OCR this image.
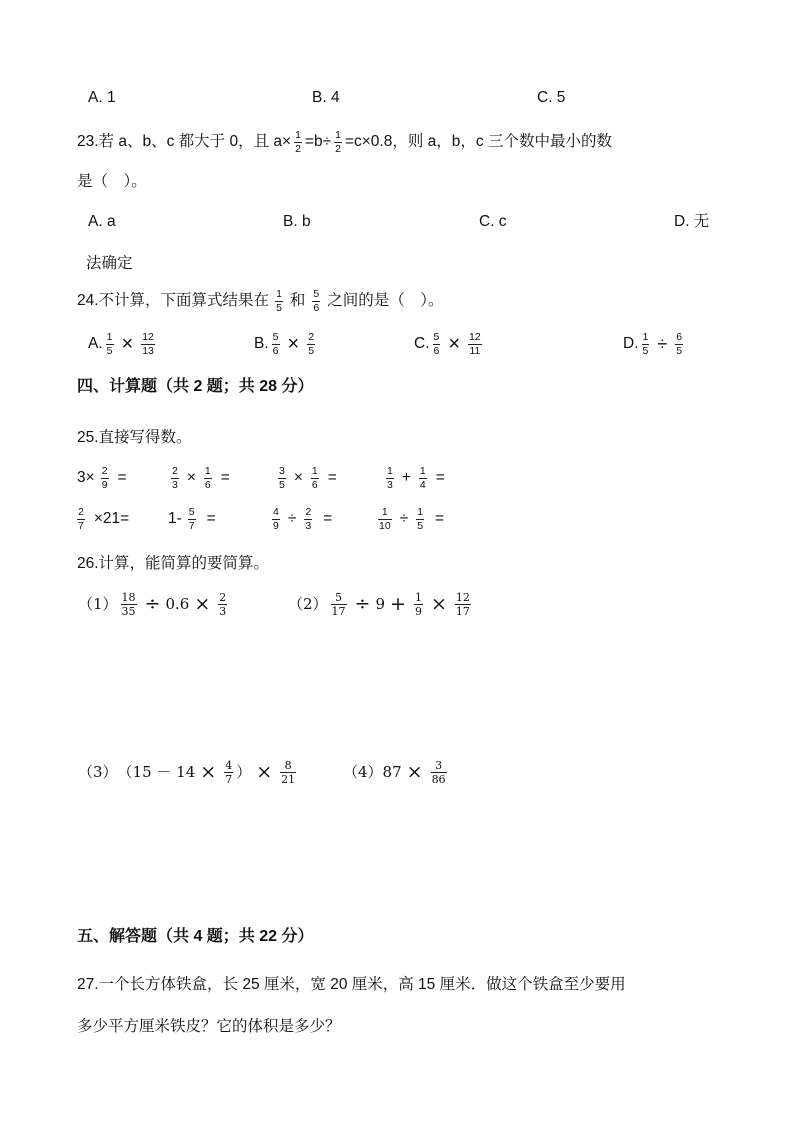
A. 1	B. 4	C. 5
23.若 a、b、c 都大于 0，且 $a\times \frac{1}{2} =b\div \frac{1}{2} =c\times 0.8$，则 a，b，c 三个数中最小的数
是（　）。
A. a	B. b	C. c	D. 无
法确定
24.不计算，下面算式结果在 $\frac{1}{5}$ 和 $\frac{5}{6}$ 之间的是（　）。
A. $\frac{1}{5} \times \frac{12}{13}$	B. $\frac{5}{6} \times \frac{2}{5}$	C. $\frac{5}{6} \times \frac{12}{11}$	D. $\frac{1}{5} \div \frac{6}{5}$
四、计算题（共 2 题；共 28 分）
25.直接写得数。
$3\times \frac{2}{9}$ =	$\frac{2}{3} \times \frac{1}{6}$ =	$\frac{3}{5} \times \frac{1}{6}$ =	$\frac{1}{3} + \frac{1}{4}$ =
$\frac{2}{7} \times 21=$	$1- \frac{5}{7}$ =	$\frac{4}{9} \div \frac{2}{3}$ =	$\frac{1}{10} \div \frac{1}{5}$ =
26.计算，能简算的要简算。
$(1) \frac{18}{35} \div 0.6 \times \frac{2}{3}$	$(2) \frac{5}{17} \div 9 + \frac{1}{9} \times \frac{12}{17}$
（3） （$15 - 14 \times \frac{4}{7}$ ） × $\frac{8}{21}$	（4） $87 \times \frac{3}{86}$
五、解答题（共 4 题；共 22 分）
27.一个长方体铁盒，长 25 厘米，宽 20 厘米，高 15 厘米．做这个铁盒至少要用
多少平方厘米铁皮？它的体积是多少？
